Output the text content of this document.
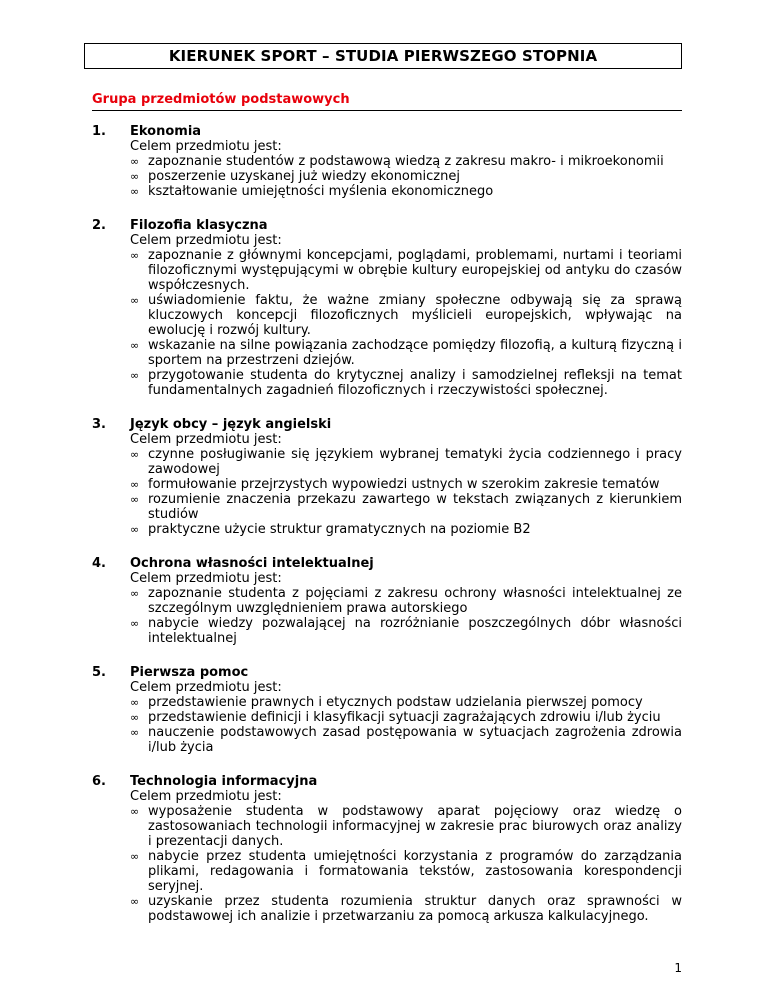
KIERUNEK SPORT – STUDIA PIERWSZEGO STOPNIA
Grupa przedmiotów podstawowych
1. Ekonomia
Celem przedmiotu jest:
∞ zapoznanie studentów z podstawową wiedzą z zakresu makro- i mikroekonomii
∞ poszerzenie uzyskanej już wiedzy ekonomicznej
∞ kształtowanie umiejętności myślenia ekonomicznego
2. Filozofia klasyczna
Celem przedmiotu jest:
∞ zapoznanie z głównymi koncepcjami, poglądami, problemami, nurtami i teoriami filozoficznymi występującymi w obrębie kultury europejskiej od antyku do czasów współczesnych.
∞ uświadomienie faktu, że ważne zmiany społeczne odbywają się za sprawą kluczowych koncepcji filozoficznych myślicieli europejskich, wpływając na ewolucję i rozwój kultury.
∞ wskazanie na silne powiązania zachodzące pomiędzy filozofią, a kulturą fizyczną i sportem na przestrzeni dziejów.
∞ przygotowanie studenta do krytycznej analizy i samodzielnej refleksji na temat fundamentalnych zagadnień filozoficznych i rzeczywistości społecznej.
3. Język obcy – język angielski
Celem przedmiotu jest:
∞ czynne posługiwanie się językiem wybranej tematyki życia codziennego i pracy zawodowej
∞ formułowanie przejrzystych wypowiedzi ustnych w szerokim zakresie tematów
∞ rozumienie znaczenia przekazu zawartego w tekstach związanych z kierunkiem studiów
∞ praktyczne użycie struktur gramatycznych na poziomie B2
4. Ochrona własności intelektualnej
Celem przedmiotu jest:
∞ zapoznanie studenta z pojęciami z zakresu ochrony własności intelektualnej ze szczególnym uwzględnieniem prawa autorskiego
∞ nabycie wiedzy pozwalającej na rozróżnianie poszczególnych dóbr własności intelektualnej
5. Pierwsza pomoc
Celem przedmiotu jest:
∞ przedstawienie prawnych i etycznych podstaw udzielania pierwszej pomocy
∞ przedstawienie definicji i klasyfikacji sytuacji zagrażających zdrowiu i/lub życiu
∞ nauczenie podstawowych zasad postępowania w sytuacjach zagrożenia zdrowia i/lub życia
6. Technologia informacyjna
Celem przedmiotu jest:
∞ wyposażenie studenta w podstawowy aparat pojęciowy oraz wiedzę o zastosowaniach technologii informacyjnej w zakresie prac biurowych oraz analizy i prezentacji danych.
∞ nabycie przez studenta umiejętności korzystania z programów do zarządzania plikami, redagowania i formatowania tekstów, zastosowania korespondencji seryjnej.
∞ uzyskanie przez studenta rozumienia struktur danych oraz sprawności w podstawowej ich analizie i przetwarzaniu za pomocą arkusza kalkulacyjnego.
1
